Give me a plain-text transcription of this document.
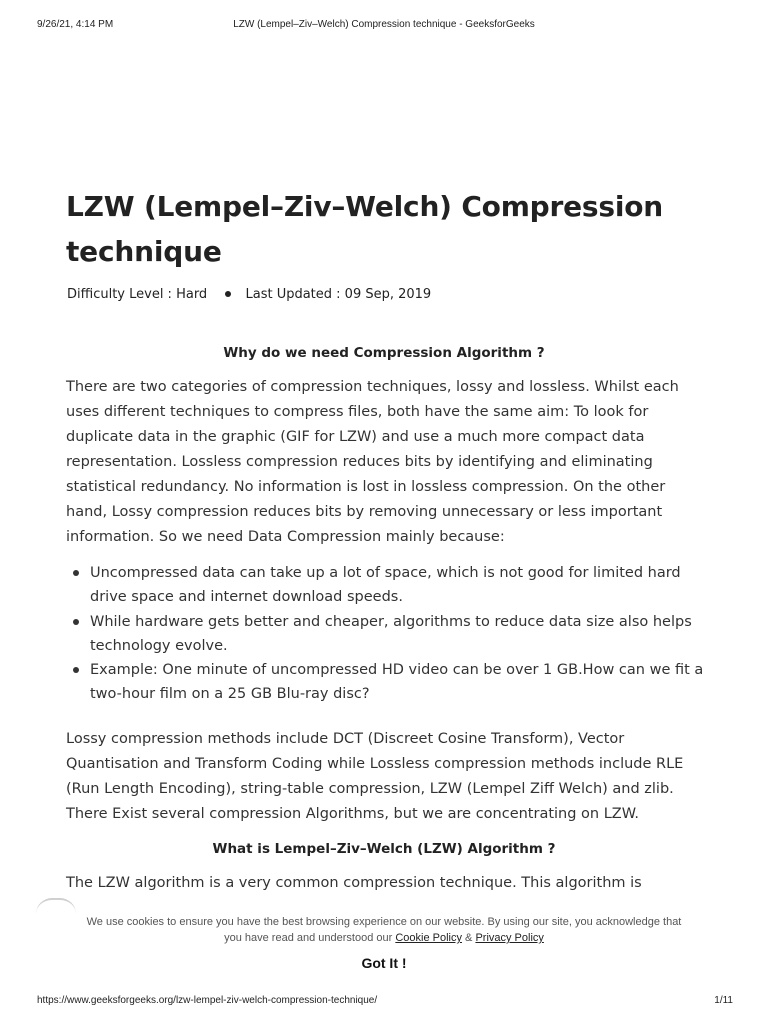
9/26/21, 4:14 PM	LZW (Lempel–Ziv–Welch) Compression technique - GeeksforGeeks
LZW (Lempel–Ziv–Welch) Compression
technique
Difficulty Level : Hard	Last Updated : 09 Sep, 2019
Why do we need Compression Algorithm ?
There are two categories of compression techniques, lossy and lossless. Whilst each
uses different techniques to compress files, both have the same aim: To look for
duplicate data in the graphic (GIF for LZW) and use a much more compact data
representation. Lossless compression reduces bits by identifying and eliminating
statistical redundancy. No information is lost in lossless compression. On the other
hand, Lossy compression reduces bits by removing unnecessary or less important
information. So we need Data Compression mainly because:
Uncompressed data can take up a lot of space, which is not good for limited hard
drive space and internet download speeds.
While hardware gets better and cheaper, algorithms to reduce data size also helps
technology evolve.
Example: One minute of uncompressed HD video can be over 1 GB.How can we fit a
two-hour film on a 25 GB Blu-ray disc?
Lossy compression methods include DCT (Discreet Cosine Transform), Vector
Quantisation and Transform Coding while Lossless compression methods include RLE
(Run Length Encoding), string-table compression, LZW (Lempel Ziff Welch) and zlib.
There Exist several compression Algorithms, but we are concentrating on LZW.
What is Lempel–Ziv–Welch (LZW) Algorithm ?
The LZW algorithm is a very common compression technique. This algorithm is
We use cookies to ensure you have the best browsing experience on our website. By using our site, you acknowledge that
you have read and understood our Cookie Policy & Privacy Policy
Got It !
https://www.geeksforgeeks.org/lzw-lempel-ziv-welch-compression-technique/	1/11
